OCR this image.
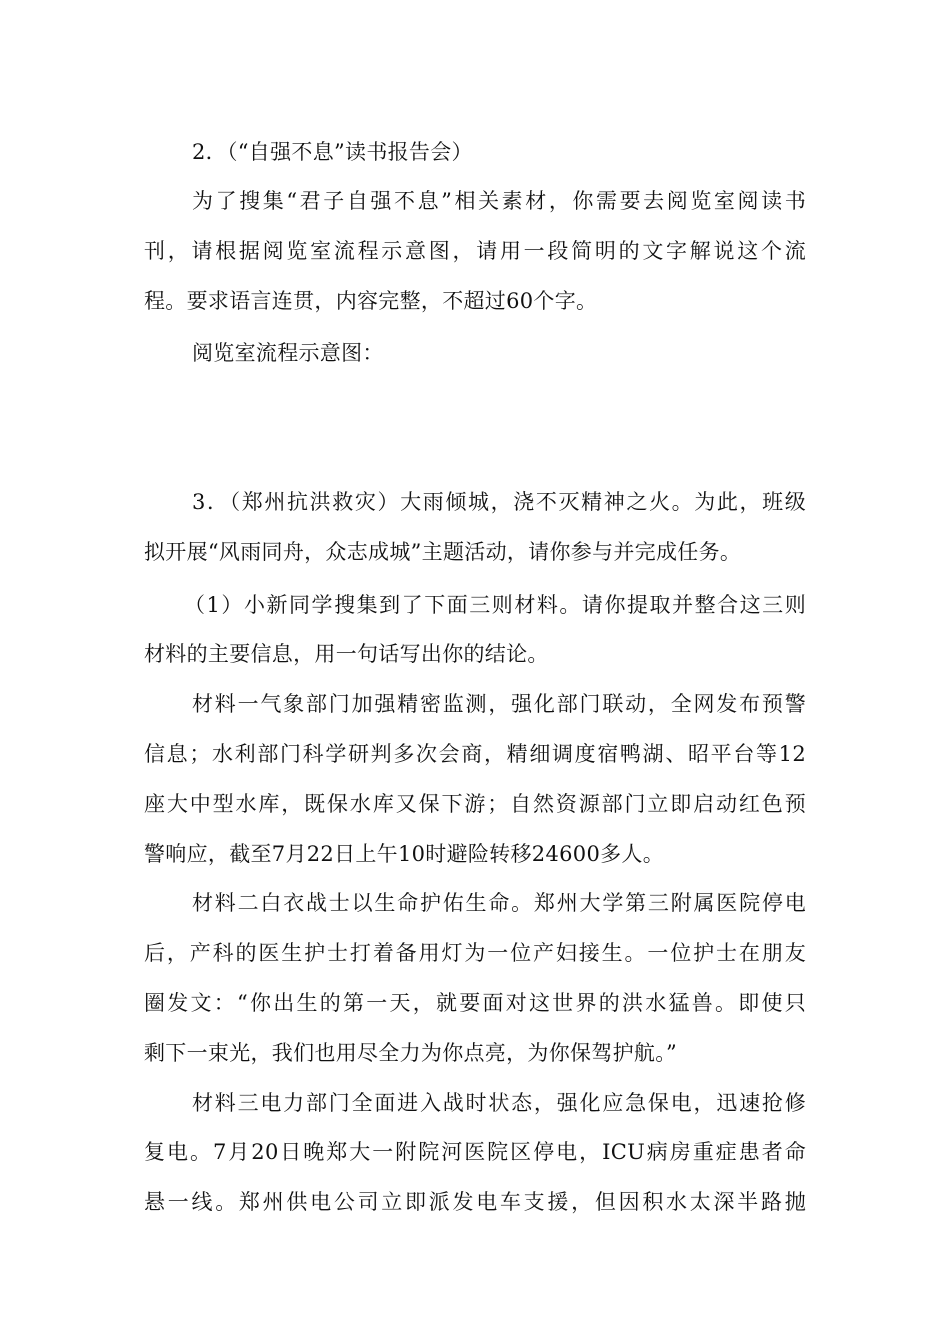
2．（“自强不息”读书报告会）
为了搜集“君子自强不息”相关素材，你需要去阅览室阅读书
刊，请根据阅览室流程示意图，请用一段简明的文字解说这个流
程。要求语言连贯，内容完整，不超过60个字。
阅览室流程示意图：
3．（郑州抗洪救灾）大雨倾城，浇不灭精神之火。为此，班级
拟开展“风雨同舟，众志成城”主题活动，请你参与并完成任务。
（1）小新同学搜集到了下面三则材料。请你提取并整合这三则
材料的主要信息，用一句话写出你的结论。
材料一气象部门加强精密监测，强化部门联动，全网发布预警
信息；水利部门科学研判多次会商，精细调度宿鸭湖、昭平台等12
座大中型水库，既保水库又保下游；自然资源部门立即启动红色预
警响应，截至7月22日上午10时避险转移24600多人。
材料二白衣战士以生命护佑生命。郑州大学第三附属医院停电
后，产科的医生护士打着备用灯为一位产妇接生。一位护士在朋友
圈发文：“你出生的第一天，就要面对这世界的洪水猛兽。即使只
剩下一束光，我们也用尽全力为你点亮，为你保驾护航。”
材料三电力部门全面进入战时状态，强化应急保电，迅速抢修
复电。7月20日晚郑大一附院河医院区停电，ICU病房重症患者命
悬一线。郑州供电公司立即派发电车支援，但因积水太深半路抛
